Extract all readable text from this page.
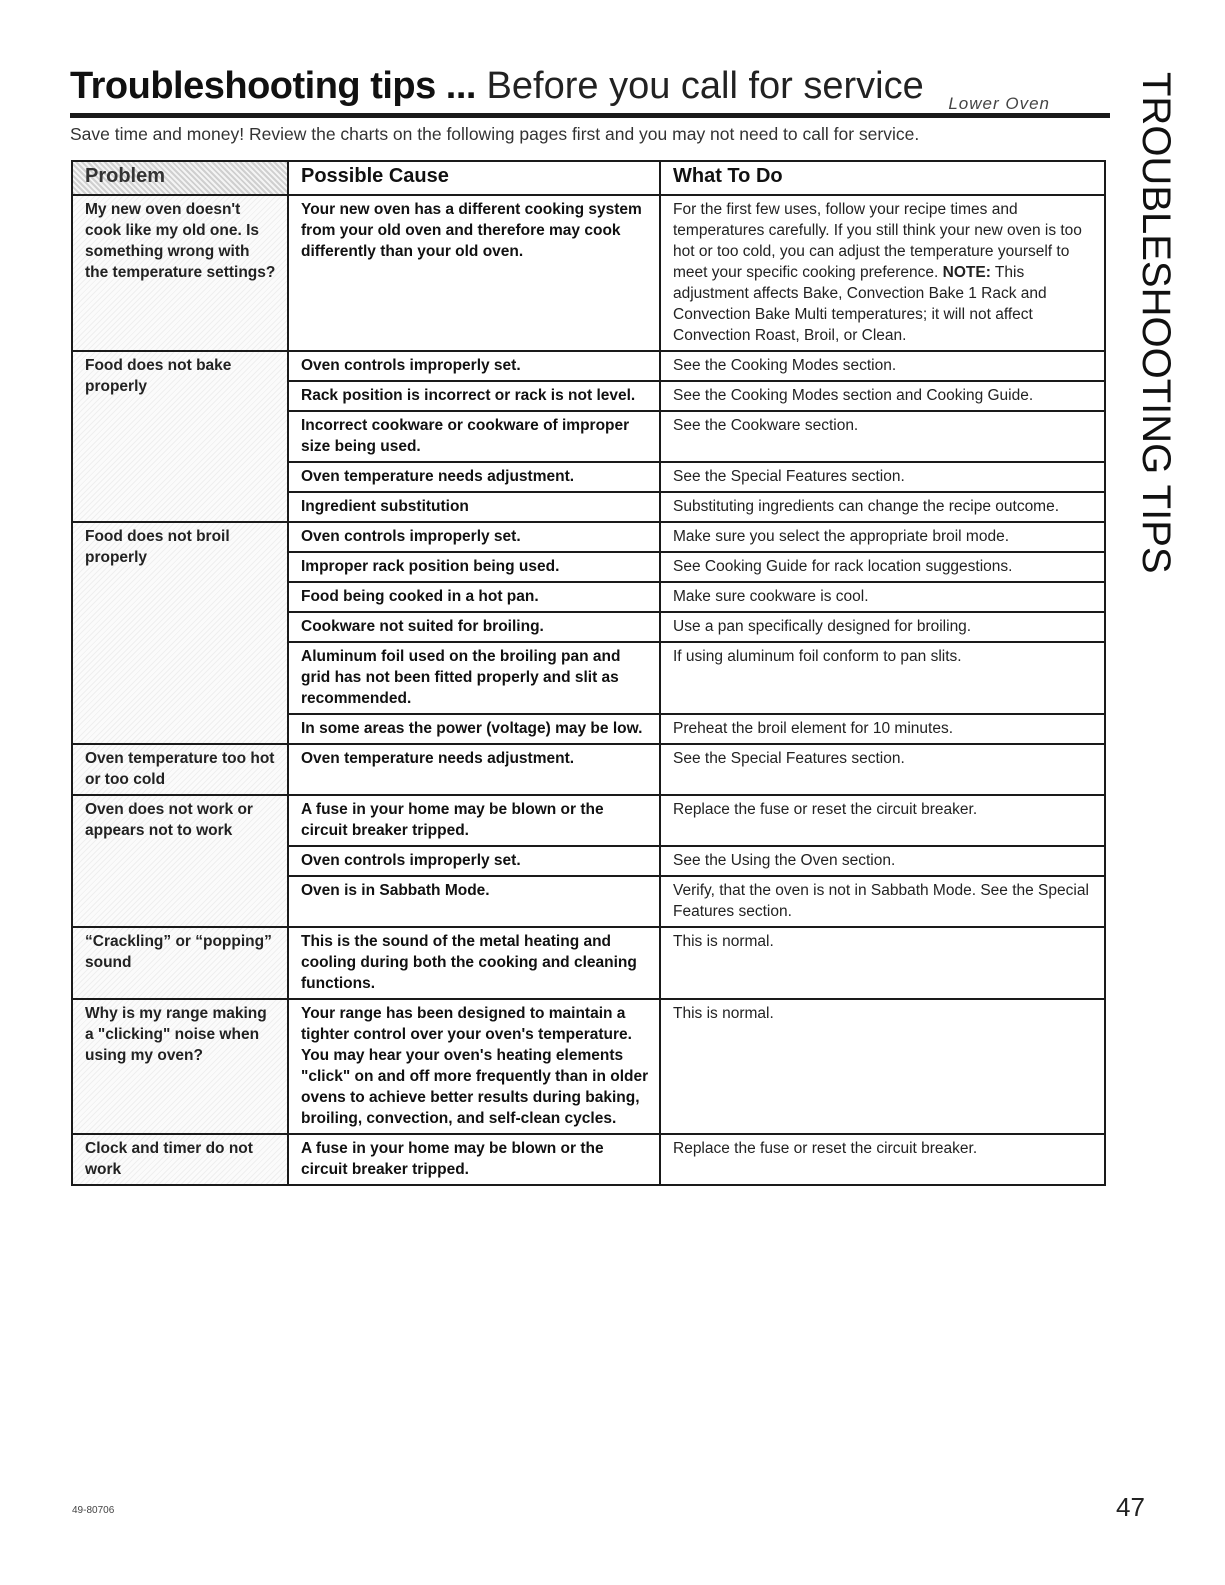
Troubleshooting tips ... Before you call for service Lower Oven
Save time and money! Review the charts on the following pages first and you may not need to call for service.	TROUBLESHOOTING TIPS
Problem	Possible Cause	What To Do
My new oven doesn't cook like my old one. Is something wrong with the temperature settings?	Your new oven has a different cooking system from your old oven and therefore may cook differently than your old oven.	For the first few uses, follow your recipe times and temperatures carefully. If you still think your new oven is too hot or too cold, you can adjust the temperature yourself to meet your specific cooking preference. NOTE: This adjustment affects Bake, Convection Bake 1 Rack and Convection Bake Multi temperatures; it will not affect Convection Roast, Broil, or Clean.
Food does not bake properly	Oven controls improperly set.	See the Cooking Modes section.
	Rack position is incorrect or rack is not level.	See the Cooking Modes section and Cooking Guide.
	Incorrect cookware or cookware of improper size being used.	See the Cookware section.
	Oven temperature needs adjustment.	See the Special Features section.
	Ingredient substitution	Substituting ingredients can change the recipe outcome.
Food does not broil properly	Oven controls improperly set.	Make sure you select the appropriate broil mode.
	Improper rack position being used.	See Cooking Guide for rack location suggestions.
	Food being cooked in a hot pan.	Make sure cookware is cool.
	Cookware not suited for broiling.	Use a pan specifically designed for broiling.
	Aluminum foil used on the broiling pan and grid has not been fitted properly and slit as recommended.	If using aluminum foil conform to pan slits.
	In some areas the power (voltage) may be low.	Preheat the broil element for 10 minutes.
Oven temperature too hot or too cold	Oven temperature needs adjustment.	See the Special Features section.
Oven does not work or appears not to work	A fuse in your home may be blown or the circuit breaker tripped.	Replace the fuse or reset the circuit breaker.
	Oven controls improperly set.	See the Using the Oven section.
	Oven is in Sabbath Mode.	Verify, that the oven is not in Sabbath Mode. See the Special Features section.
“Crackling” or “popping” sound	This is the sound of the metal heating and cooling during both the cooking and cleaning functions.	This is normal.
Why is my range making a "clicking" noise when using my oven?	Your range has been designed to maintain a tighter control over your oven's temperature. You may hear your oven's heating elements "click" on and off more frequently than in older ovens to achieve better results during baking, broiling, convection, and self-clean cycles.	This is normal.
Clock and timer do not work	A fuse in your home may be blown or the circuit breaker tripped.	Replace the fuse or reset the circuit breaker.
49-80706	47
